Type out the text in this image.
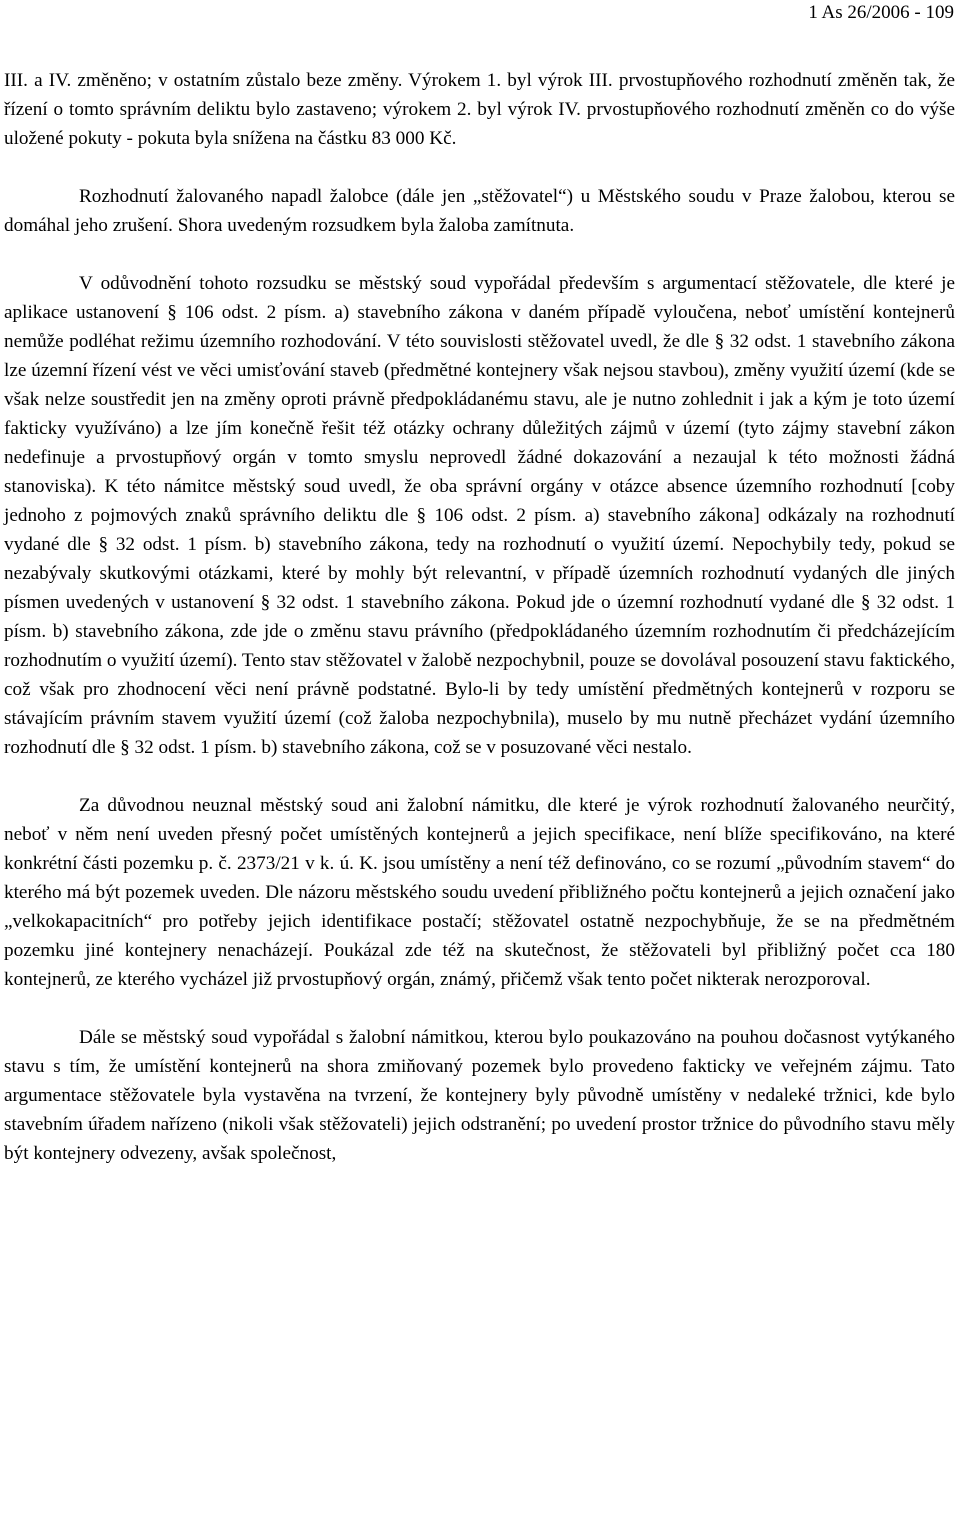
1 As 26/2006 - 109

III. a IV. změněno; v ostatním zůstalo beze změny. Výrokem 1. byl výrok III. prvostupňového rozhodnutí změněn tak, že řízení o tomto správním deliktu bylo zastaveno; výrokem 2. byl výrok IV. prvostupňového rozhodnutí změněn co do výše uložené pokuty - pokuta byla snížena na částku 83 000 Kč.

Rozhodnutí žalovaného napadl žalobce (dále jen „stěžovatel“) u Městského soudu v Praze žalobou, kterou se domáhal jeho zrušení. Shora uvedeným rozsudkem byla žaloba zamítnuta.

V odůvodnění tohoto rozsudku se městský soud vypořádal především s argumentací stěžovatele, dle které je aplikace ustanovení § 106 odst. 2 písm. a) stavebního zákona v daném případě vyloučena, neboť umístění kontejnerů nemůže podléhat režimu územního rozhodování. V této souvislosti stěžovatel uvedl, že dle § 32 odst. 1 stavebního zákona lze územní řízení vést ve věci umisťování staveb (předmětné kontejnery však nejsou stavbou), změny využití území (kde se však nelze soustředit jen na změny oproti právně předpokládanému stavu, ale je nutno zohlednit i jak a kým je toto území fakticky využíváno) a lze jím konečně řešit též otázky ochrany důležitých zájmů v území (tyto zájmy stavební zákon nedefinuje a prvostupňový orgán v tomto smyslu neprovedl žádné dokazování a nezaujal k této možnosti žádná stanoviska). K této námitce městský soud uvedl, že oba správní orgány v otázce absence územního rozhodnutí [coby jednoho z pojmových znaků správního deliktu dle § 106 odst. 2 písm. a) stavebního zákona] odkázaly na rozhodnutí vydané dle § 32 odst. 1 písm. b) stavebního zákona, tedy na rozhodnutí o využití území. Nepochybily tedy, pokud se nezabývaly skutkovými otázkami, které by mohly být relevantní, v případě územních rozhodnutí vydaných dle jiných písmen uvedených v ustanovení § 32 odst. 1 stavebního zákona. Pokud jde o územní rozhodnutí vydané dle § 32 odst. 1 písm. b) stavebního zákona, zde jde o změnu stavu právního (předpokládaného územním rozhodnutím či předcházejícím rozhodnutím o využití území). Tento stav stěžovatel v žalobě nezpochybnil, pouze se dovolával posouzení stavu faktického, což však pro zhodnocení věci není právně podstatné. Bylo-li by tedy umístění předmětných kontejnerů v rozporu se stávajícím právním stavem využití území (což žaloba nezpochybnila), muselo by mu nutně přecházet vydání územního rozhodnutí dle § 32 odst. 1 písm. b) stavebního zákona, což se v posuzované věci nestalo.

Za důvodnou neuznal městský soud ani žalobní námitku, dle které je výrok rozhodnutí žalovaného neurčitý, neboť v něm není uveden přesný počet umístěných kontejnerů a jejich specifikace, není blíže specifikováno, na které konkrétní části pozemku p. č. 2373/21 v k. ú. K. jsou umístěny a není též definováno, co se rozumí „původním stavem“ do kterého má být pozemek uveden. Dle názoru městského soudu uvedení přibližného počtu kontejnerů a jejich označení jako „velkokapacitních“ pro potřeby jejich identifikace postačí; stěžovatel ostatně nezpochybňuje, že se na předmětném pozemku jiné kontejnery nenacházejí. Poukázal zde též na skutečnost, že stěžovateli byl přibližný počet cca 180 kontejnerů, ze kterého vycházel již prvostupňový orgán, známý, přičemž však tento počet nikterak nerozporoval.

Dále se městský soud vypořádal s žalobní námitkou, kterou bylo poukazováno na pouhou dočasnost vytýkaného stavu s tím, že umístění kontejnerů na shora zmiňovaný pozemek bylo provedeno fakticky ve veřejném zájmu. Tato argumentace stěžovatele byla vystavěna na tvrzení, že kontejnery byly původně umístěny v nedaleké tržnici, kde bylo stavebním úřadem nařízeno (nikoli však stěžovateli) jejich odstranění; po uvedení prostor tržnice do původního stavu měly být kontejnery odvezeny, avšak společnost,
